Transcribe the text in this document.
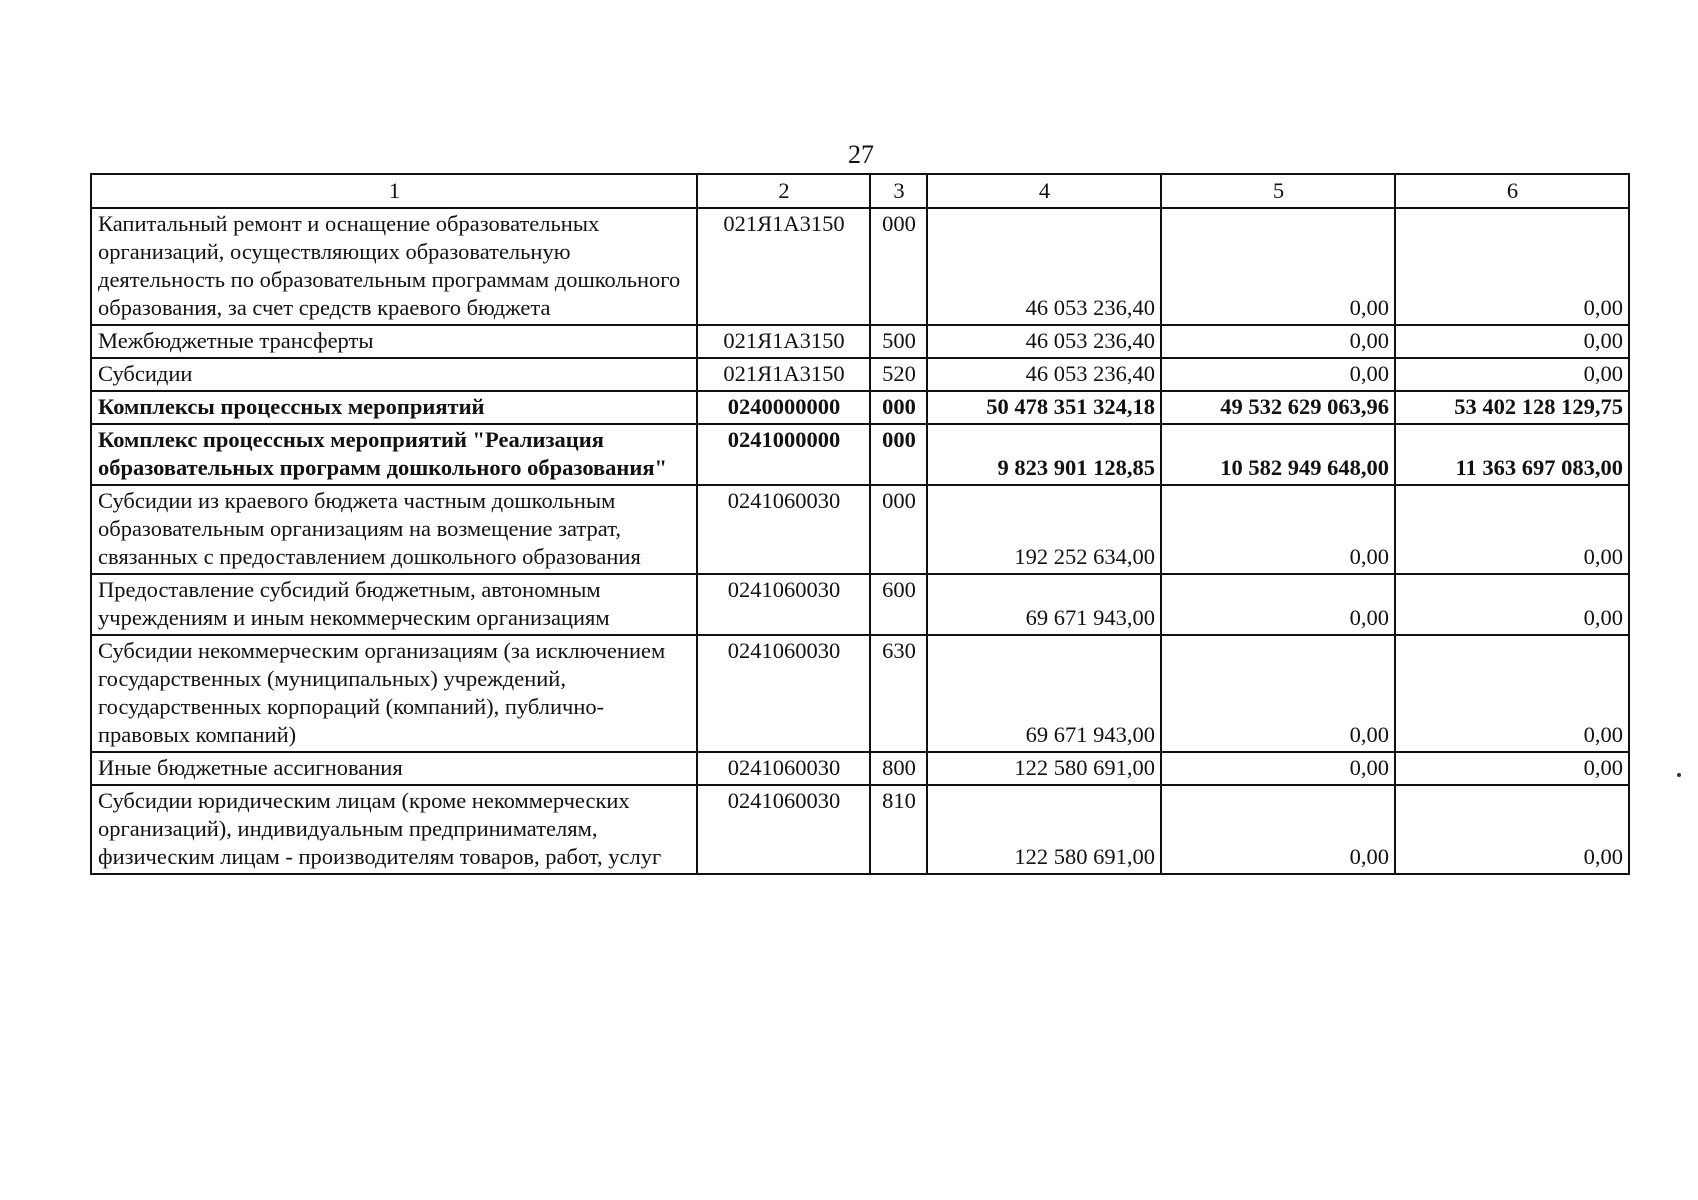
27
1	2	3	4	5	6
Капитальный ремонт и оснащение образовательных организаций, осуществляющих образовательную деятельность по образовательным программам дошкольного образования, за счет средств краевого бюджета	021Я1А3150	000	46 053 236,40	0,00	0,00
Межбюджетные трансферты	021Я1А3150	500	46 053 236,40	0,00	0,00
Субсидии	021Я1А3150	520	46 053 236,40	0,00	0,00
Комплексы процессных мероприятий	0240000000	000	50 478 351 324,18	49 532 629 063,96	53 402 128 129,75
Комплекс процессных мероприятий "Реализация образовательных программ дошкольного образования"	0241000000	000	9 823 901 128,85	10 582 949 648,00	11 363 697 083,00
Субсидии из краевого бюджета частным дошкольным образовательным организациям на возмещение затрат, связанных с предоставлением дошкольного образования	0241060030	000	192 252 634,00	0,00	0,00
Предоставление субсидий бюджетным, автономным учреждениям и иным некоммерческим организациям	0241060030	600	69 671 943,00	0,00	0,00
Субсидии некоммерческим организациям (за исключением государственных (муниципальных) учреждений, государственных корпораций (компаний), публично-правовых компаний)	0241060030	630	69 671 943,00	0,00	0,00
Иные бюджетные ассигнования	0241060030	800	122 580 691,00	0,00	0,00
Субсидии юридическим лицам (кроме некоммерческих организаций), индивидуальным предпринимателям, физическим лицам - производителям товаров, работ, услуг	0241060030	810	122 580 691,00	0,00	0,00
